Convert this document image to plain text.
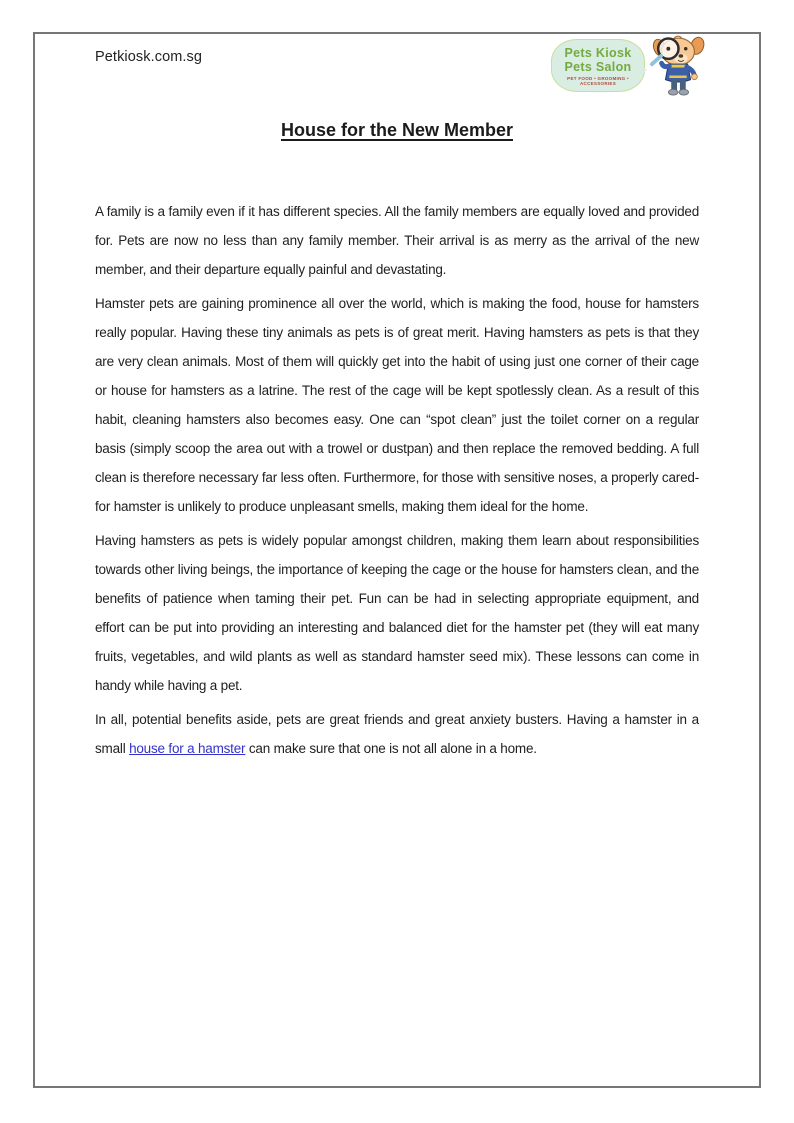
Petkiosk.com.sg	Pets Kiosk
Pets Salon
PET FOOD • GROOMING • ACCESSORIES
House for the New Member

A family is a family even if it has different species. All the family members are equally loved and provided for. Pets are now no less than any family member. Their arrival is as merry as the arrival of the new member, and their departure equally painful and devastating.

Hamster pets are gaining prominence all over the world, which is making the food, house for hamsters really popular. Having these tiny animals as pets is of great merit. Having hamsters as pets is that they are very clean animals. Most of them will quickly get into the habit of using just one corner of their cage or house for hamsters as a latrine. The rest of the cage will be kept spotlessly clean. As a result of this habit, cleaning hamsters also becomes easy. One can “spot clean” just the toilet corner on a regular basis (simply scoop the area out with a trowel or dustpan) and then replace the removed bedding. A full clean is therefore necessary far less often. Furthermore, for those with sensitive noses, a properly cared-for hamster is unlikely to produce unpleasant smells, making them ideal for the home.

Having hamsters as pets is widely popular amongst children, making them learn about responsibilities towards other living beings, the importance of keeping the cage or the house for hamsters clean, and the benefits of patience when taming their pet. Fun can be had in selecting appropriate equipment, and effort can be put into providing an interesting and balanced diet for the hamster pet (they will eat many fruits, vegetables, and wild plants as well as standard hamster seed mix). These lessons can come in handy while having a pet.

In all, potential benefits aside, pets are great friends and great anxiety busters. Having a hamster in a small house for a hamster can make sure that one is not all alone in a home.
